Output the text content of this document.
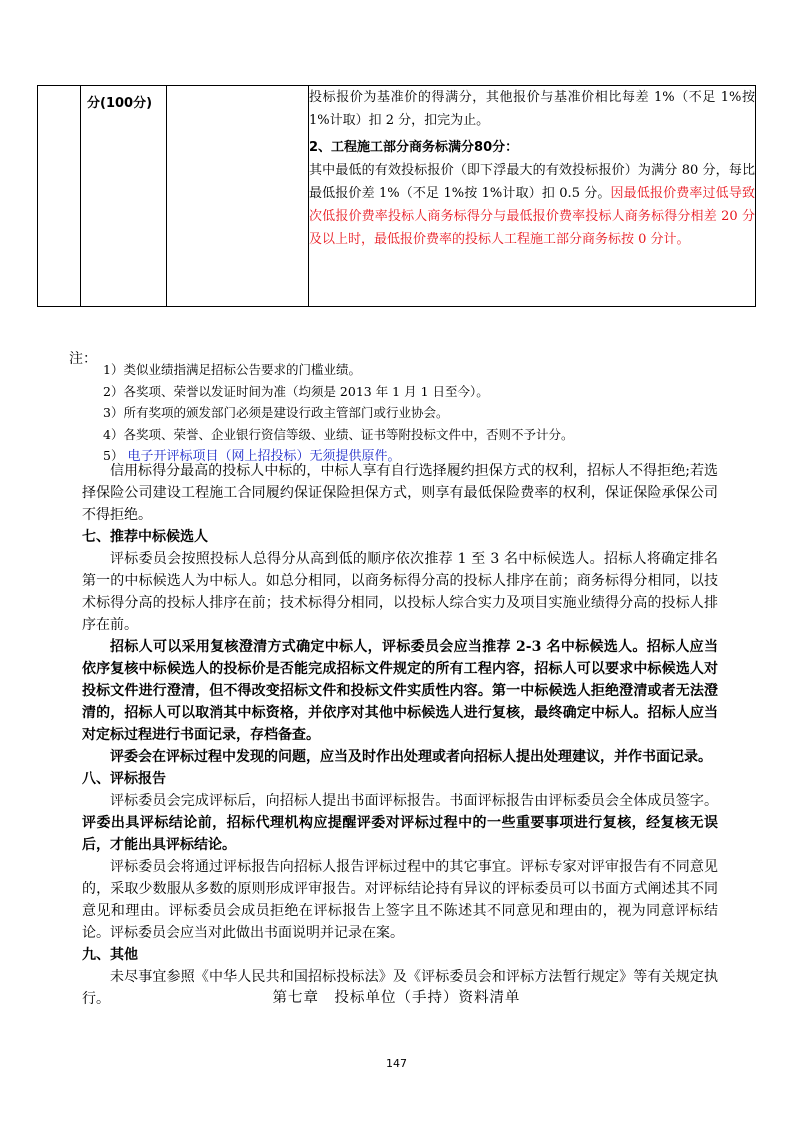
分(100分)		投标报价为基准价的得满分，其他报价与基准价相比每差 1%（不足 1%按 1%计取）扣 2 分，扣完为止。

2、工程施工部分商务标满分80分：

其中最低的有效投标报价（即下浮最大的有效投标报价）为满分 80 分，每比最低报价差 1%（不足 1%按 1%计取）扣 0.5 分。因最低报价费率过低导致次低报价费率投标人商务标得分与最低报价费率投标人商务标得分相差 20 分及以上时，最低报价费率的投标人工程施工部分商务标按 0 分计。

注：
1）类似业绩指满足招标公告要求的门槛业绩。
2）各奖项、荣誉以发证时间为准（均须是 2013 年 1 月 1 日至今）。
3）所有奖项的颁发部门必须是建设行政主管部门或行业协会。
4）各奖项、荣誉、企业银行资信等级、业绩、证书等附投标文件中，否则不予计分。
5） 电子开评标项目（网上招投标）无须提供原件。

信用标得分最高的投标人中标的，中标人享有自行选择履约担保方式的权利，招标人不得拒绝;若选择保险公司建设工程施工合同履约保证保险担保方式，则享有最低保险费率的权利，保证保险承保公司不得拒绝。

七、推荐中标候选人

评标委员会按照投标人总得分从高到低的顺序依次推荐 1 至 3 名中标候选人。招标人将确定排名第一的中标候选人为中标人。如总分相同，以商务标得分高的投标人排序在前；商务标得分相同，以技术标得分高的投标人排序在前；技术标得分相同，以投标人综合实力及项目实施业绩得分高的投标人排序在前。

招标人可以采用复核澄清方式确定中标人，评标委员会应当推荐 2-3 名中标候选人。招标人应当依序复核中标候选人的投标价是否能完成招标文件规定的所有工程内容，招标人可以要求中标候选人对投标文件进行澄清，但不得改变招标文件和投标文件实质性内容。第一中标候选人拒绝澄清或者无法澄清的，招标人可以取消其中标资格，并依序对其他中标候选人进行复核，最终确定中标人。招标人应当对定标过程进行书面记录，存档备查。

评委会在评标过程中发现的问题，应当及时作出处理或者向招标人提出处理建议，并作书面记录。

八、评标报告

评标委员会完成评标后，向招标人提出书面评标报告。书面评标报告由评标委员会全体成员签字。评委出具评标结论前，招标代理机构应提醒评委对评标过程中的一些重要事项进行复核，经复核无误后，才能出具评标结论。

评标委员会将通过评标报告向招标人报告评标过程中的其它事宜。评标专家对评审报告有不同意见的，采取少数服从多数的原则形成评审报告。对评标结论持有异议的评标委员可以书面方式阐述其不同意见和理由。评标委员会成员拒绝在评标报告上签字且不陈述其不同意见和理由的，视为同意评标结论。评标委员会应当对此做出书面说明并记录在案。

九、其他

未尽事宜参照《中华人民共和国招标投标法》及《评标委员会和评标方法暂行规定》等有关规定执行。	第七章　投标单位（手持）资料清单
147
